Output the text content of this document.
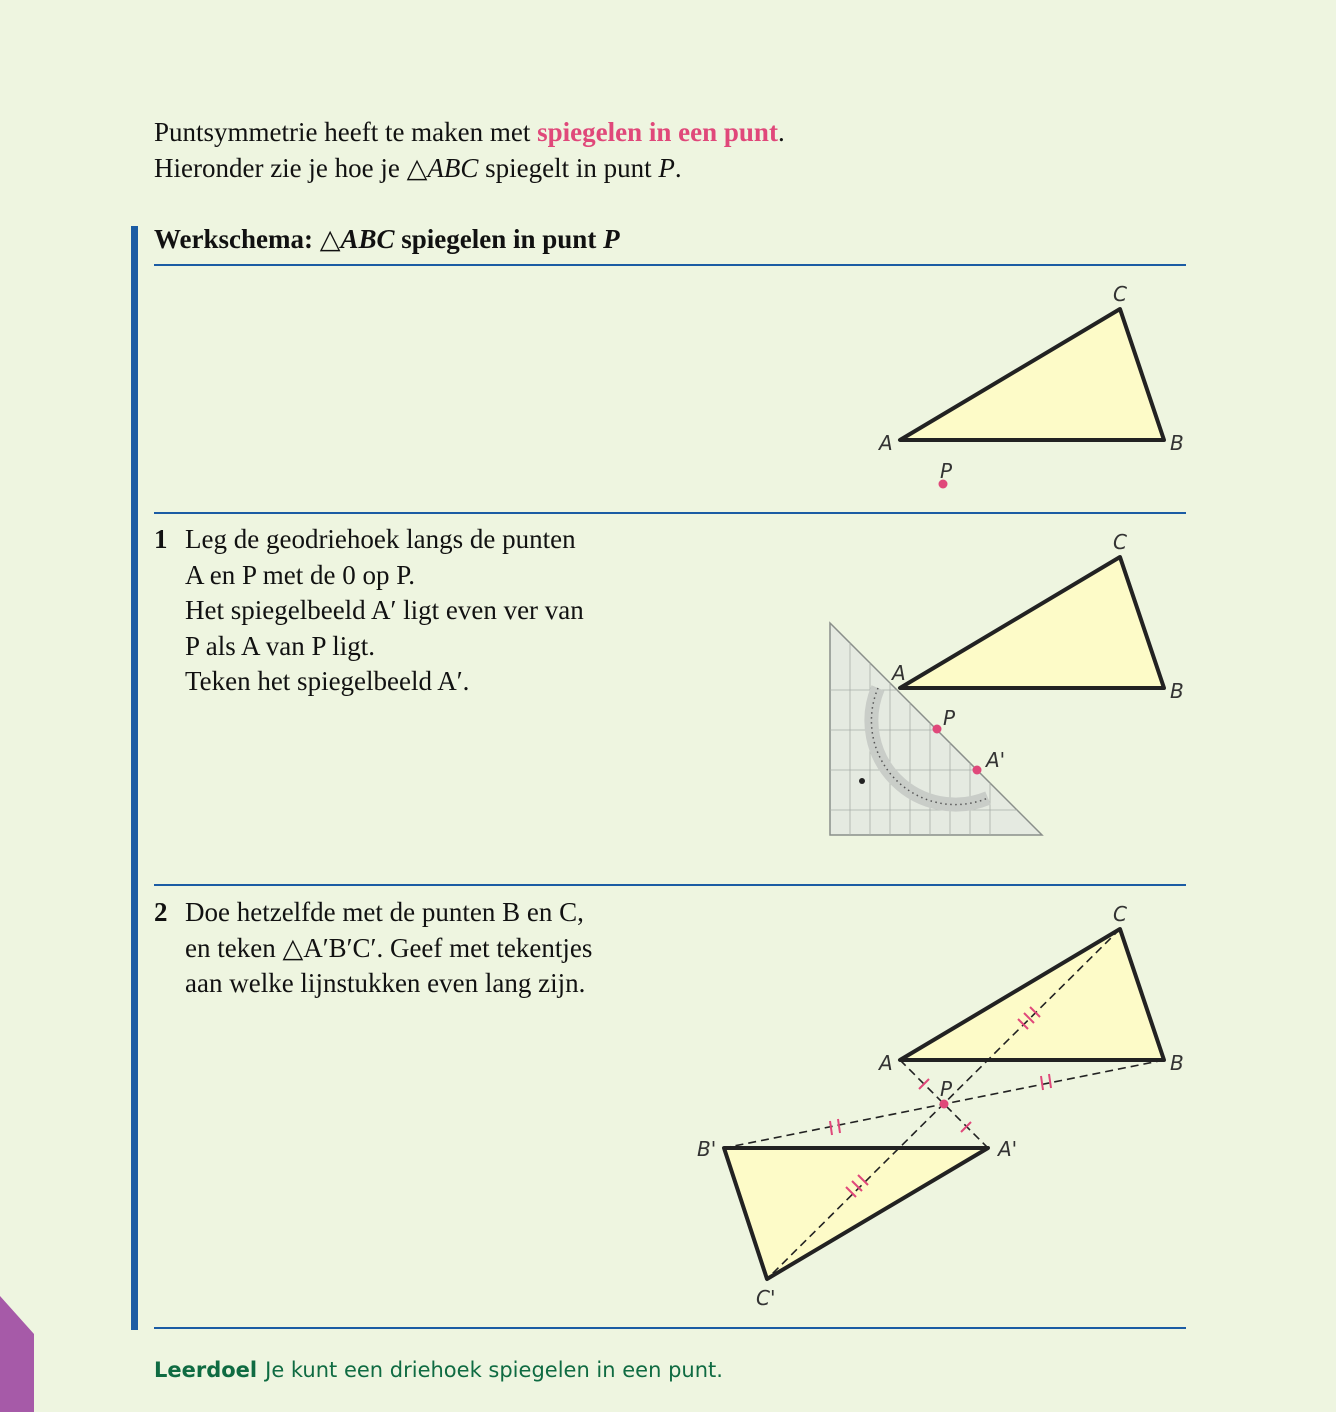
Puntsymmetrie heeft te maken met spiegelen in een punt.

Hieronder zie je hoe je △ABC spiegelt in punt P.

Werkschema: △ABC spiegelen in punt P
1 Leg de geodriehoek langs de punten
A en P met de 0 op P.
Het spiegelbeeld A′ ligt even ver van
P als A van P ligt.
Teken het spiegelbeeld A′.
2 Doe hetzelfde met de punten B en C,
en teken △A′B′C′. Geef met tekentjes
aan welke lijnstukken even lang zijn.
A	B
C
P
A
B
C
P
A'
A	B
C
P
A'
B'
C'
Leerdoel Je kunt een driehoek spiegelen in een punt.
